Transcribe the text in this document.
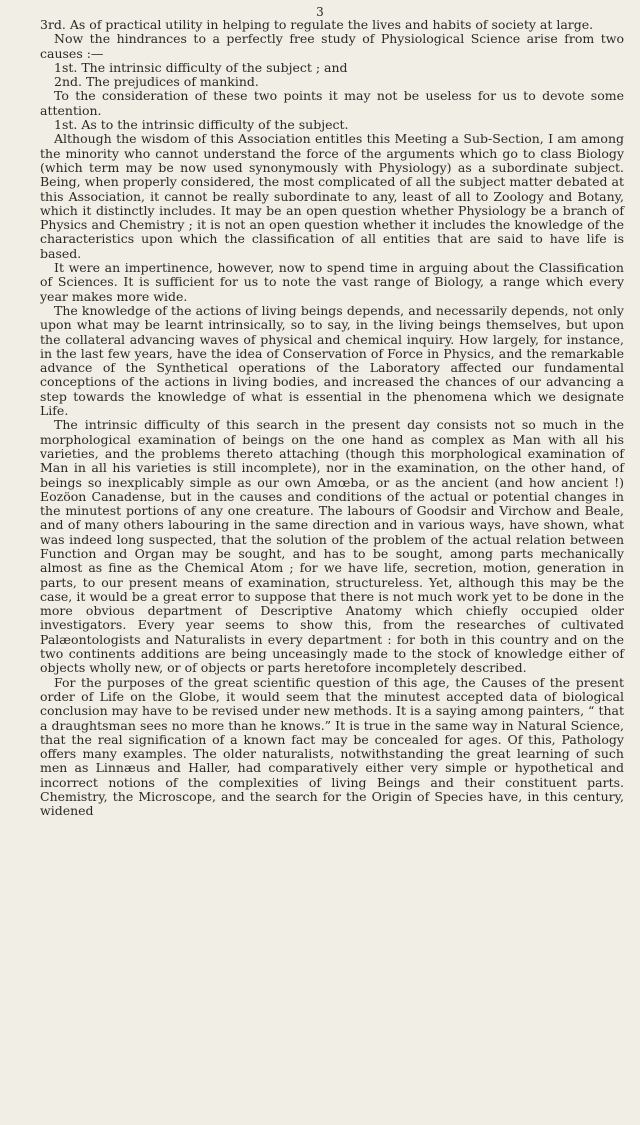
3

3rd. As of practical utility in helping to regulate the lives and habits of society at large.

Now the hindrances to a perfectly free study of Physiological Science arise from two causes :—

1st. The intrinsic difficulty of the subject ; and

2nd. The prejudices of mankind.

To the consideration of these two points it may not be useless for us to devote some attention.

1st. As to the intrinsic difficulty of the subject.

Although the wisdom of this Association entitles this Meeting a Sub-Section, I am among the minority who cannot understand the force of the arguments which go to class Biology (which term may be now used synonymously with Physiology) as a subordinate subject. Being, when properly considered, the most complicated of all the subject matter debated at this Association, it cannot be really subordinate to any, least of all to Zoology and Botany, which it distinctly includes. It may be an open question whether Physiology be a branch of Physics and Chemistry ; it is not an open question whether it includes the knowledge of the characteristics upon which the classification of all entities that are said to have life is based.

It were an impertinence, however, now to spend time in arguing about the Classification of Sciences. It is sufficient for us to note the vast range of Biology, a range which every year makes more wide.

The knowledge of the actions of living beings depends, and necessarily depends, not only upon what may be learnt intrinsically, so to say, in the living beings themselves, but upon the collateral advancing waves of physical and chemical inquiry. How largely, for instance, in the last few years, have the idea of Conservation of Force in Physics, and the remarkable advance of the Synthetical operations of the Laboratory affected our fundamental conceptions of the actions in living bodies, and increased the chances of our advancing a step towards the knowledge of what is essential in the phenomena which we designate Life.

The intrinsic difficulty of this search in the present day consists not so much in the morphological examination of beings on the one hand as complex as Man with all his varieties, and the problems thereto attaching (though this morphological examination of Man in all his varieties is still incomplete), nor in the examination, on the other hand, of beings so inexplicably simple as our own Amœba, or as the ancient (and how ancient !) Eozöon Canadense, but in the causes and conditions of the actual or potential changes in the minutest portions of any one creature. The labours of Goodsir and Virchow and Beale, and of many others labouring in the same direction and in various ways, have shown, what was indeed long suspected, that the solution of the problem of the actual relation between Function and Organ may be sought, and has to be sought, among parts mechanically almost as fine as the Chemical Atom ; for we have life, secretion, motion, generation in parts, to our present means of examination, structureless. Yet, although this may be the case, it would be a great error to suppose that there is not much work yet to be done in the more obvious department of Descriptive Anatomy which chiefly occupied older investigators. Every year seems to show this, from the researches of cultivated Palæontologists and Naturalists in every department : for both in this country and on the two continents additions are being unceasingly made to the stock of knowledge either of objects wholly new, or of objects or parts heretofore incompletely described.

For the purposes of the great scientific question of this age, the Causes of the present order of Life on the Globe, it would seem that the minutest accepted data of biological conclusion may have to be revised under new methods. It is a saying among painters, “ that a draughtsman sees no more than he knows.” It is true in the same way in Natural Science, that the real signification of a known fact may be concealed for ages. Of this, Pathology offers many examples. The older naturalists, notwithstanding the great learning of such men as Linnæus and Haller, had comparatively either very simple or hypothetical and incorrect notions of the complexities of living Beings and their constituent parts. Chemistry, the Microscope, and the search for the Origin of Species have, in this century, widened
